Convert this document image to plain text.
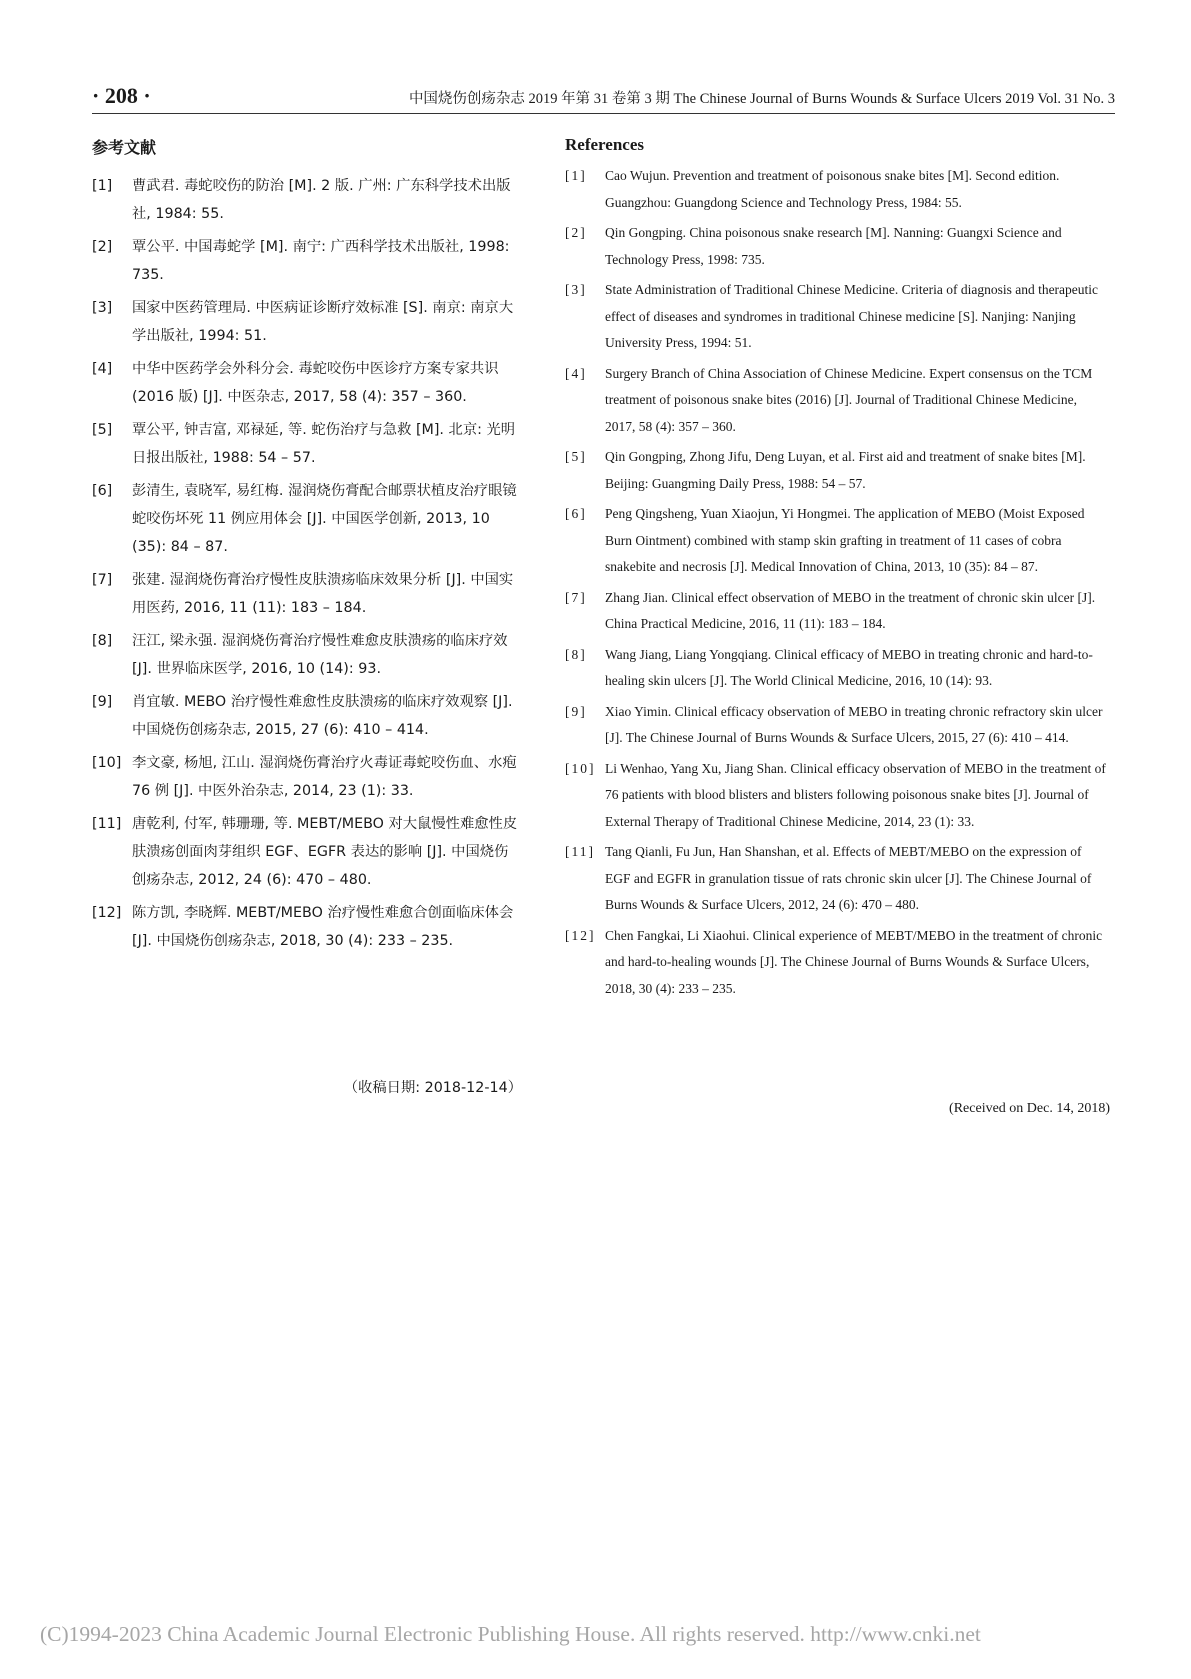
· 208 ·	中国烧伤创疡杂志 2019 年第 31 卷第 3 期 The Chinese Journal of Burns Wounds & Surface Ulcers 2019 Vol. 31 No. 3
参考文献
[1]	曹武君. 毒蛇咬伤的防治 [M]. 2 版. 广州: 广东科学技术出版社, 1984: 55.
[2]	覃公平. 中国毒蛇学 [M]. 南宁: 广西科学技术出版社, 1998: 735.
[3]	国家中医药管理局. 中医病证诊断疗效标准 [S]. 南京: 南京大学出版社, 1994: 51.
[4]	中华中医药学会外科分会. 毒蛇咬伤中医诊疗方案专家共识 (2016 版) [J]. 中医杂志, 2017, 58 (4): 357 – 360.
[5]	覃公平, 钟吉富, 邓禄延, 等. 蛇伤治疗与急救 [M]. 北京: 光明日报出版社, 1988: 54 – 57.
[6]	彭清生, 袁晓军, 易红梅. 湿润烧伤膏配合邮票状植皮治疗眼镜蛇咬伤坏死 11 例应用体会 [J]. 中国医学创新, 2013, 10 (35): 84 – 87.
[7]	张建. 湿润烧伤膏治疗慢性皮肤溃疡临床效果分析 [J]. 中国实用医药, 2016, 11 (11): 183 – 184.
[8]	汪江, 梁永强. 湿润烧伤膏治疗慢性难愈皮肤溃疡的临床疗效 [J]. 世界临床医学, 2016, 10 (14): 93.
[9]	肖宜敏. MEBO 治疗慢性难愈性皮肤溃疡的临床疗效观察 [J]. 中国烧伤创疡杂志, 2015, 27 (6): 410 – 414.
[10] 李文豪, 杨旭, 江山. 湿润烧伤膏治疗火毒证毒蛇咬伤血、水疱 76 例 [J]. 中医外治杂志, 2014, 23 (1): 33.
[11] 唐乾利, 付军, 韩珊珊, 等. MEBT/MEBO 对大鼠慢性难愈性皮肤溃疡创面肉芽组织 EGF、EGFR 表达的影响 [J]. 中国烧伤创疡杂志, 2012, 24 (6): 470 – 480.
[12] 陈方凯, 李晓辉. MEBT/MEBO 治疗慢性难愈合创面临床体会 [J]. 中国烧伤创疡杂志, 2018, 30 (4): 233 – 235.
（收稿日期: 2018-12-14）
References
[1]	Cao Wujun. Prevention and treatment of poisonous snake bites [M]. Second edition. Guangzhou: Guangdong Science and Technology Press, 1984: 55.
[2]	Qin Gongping. China poisonous snake research [M]. Nanning: Guangxi Science and Technology Press, 1998: 735.
[3]	State Administration of Traditional Chinese Medicine. Criteria of diagnosis and therapeutic effect of diseases and syndromes in traditional Chinese medicine [S]. Nanjing: Nanjing University Press, 1994: 51.
[4]	Surgery Branch of China Association of Chinese Medicine. Expert consensus on the TCM treatment of poisonous snake bites (2016) [J]. Journal of Traditional Chinese Medicine, 2017, 58 (4): 357 – 360.
[5]	Qin Gongping, Zhong Jifu, Deng Luyan, et al. First aid and treatment of snake bites [M]. Beijing: Guangming Daily Press, 1988: 54 – 57.
[6]	Peng Qingsheng, Yuan Xiaojun, Yi Hongmei. The application of MEBO (Moist Exposed Burn Ointment) combined with stamp skin grafting in treatment of 11 cases of cobra snakebite and necrosis [J]. Medical Innovation of China, 2013, 10 (35): 84 – 87.
[7]	Zhang Jian. Clinical effect observation of MEBO in the treatment of chronic skin ulcer [J]. China Practical Medicine, 2016, 11 (11): 183 – 184.
[8]	Wang Jiang, Liang Yongqiang. Clinical efficacy of MEBO in treating chronic and hard-to-healing skin ulcers [J]. The World Clinical Medicine, 2016, 10 (14): 93.
[9]	Xiao Yimin. Clinical efficacy observation of MEBO in treating chronic refractory skin ulcer [J]. The Chinese Journal of Burns Wounds & Surface Ulcers, 2015, 27 (6): 410 – 414.
[10] Li Wenhao, Yang Xu, Jiang Shan. Clinical efficacy observation of MEBO in the treatment of 76 patients with blood blisters and blisters following poisonous snake bites [J]. Journal of External Therapy of Traditional Chinese Medicine, 2014, 23 (1): 33.
[11] Tang Qianli, Fu Jun, Han Shanshan, et al. Effects of MEBT/MEBO on the expression of EGF and EGFR in granulation tissue of rats chronic skin ulcer [J]. The Chinese Journal of Burns Wounds & Surface Ulcers, 2012, 24 (6): 470 – 480.
[12] Chen Fangkai, Li Xiaohui. Clinical experience of MEBT/MEBO in the treatment of chronic and hard-to-healing wounds [J]. The Chinese Journal of Burns Wounds & Surface Ulcers, 2018, 30 (4): 233 – 235.
(Received on Dec. 14, 2018)
(C)1994-2023 China Academic Journal Electronic Publishing House. All rights reserved. http://www.cnki.net
